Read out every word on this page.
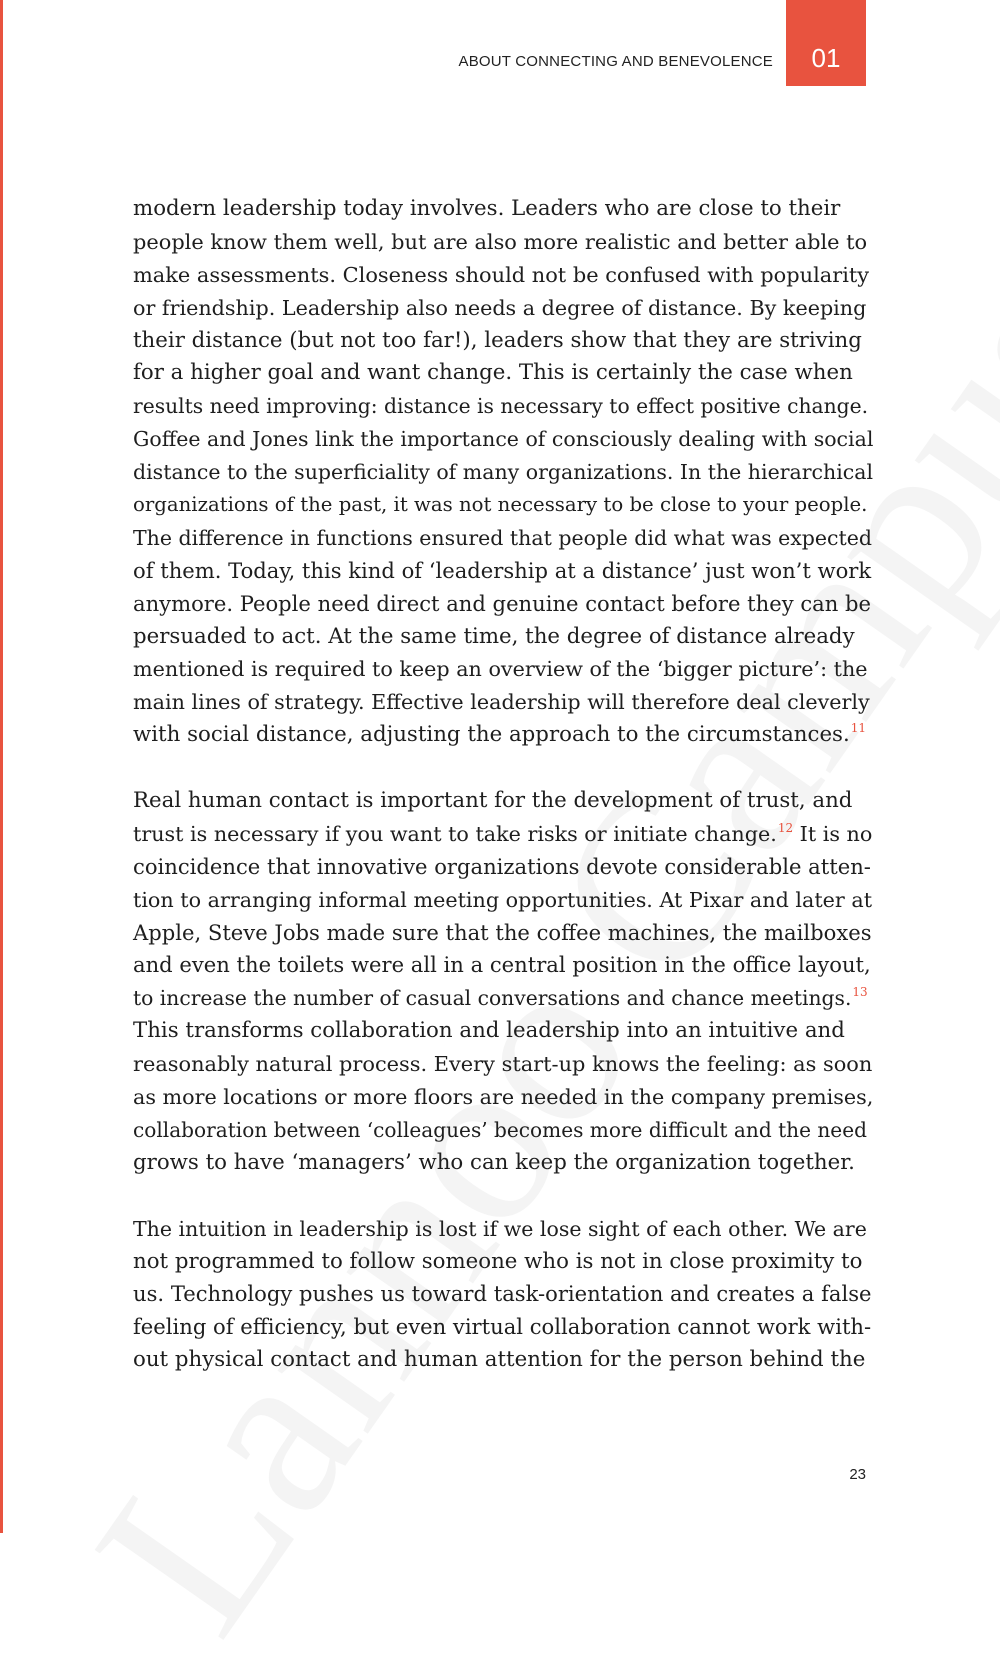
ABOUT CONNECTING AND BENEVOLENCE	01
modern leadership today involves. Leaders who are close to their
people know them well, but are also more realistic and better able to
make assessments. Closeness should not be confused with popularity
or friendship. Leadership also needs a degree of distance. By keeping
their distance (but not too far!), leaders show that they are striving
for a higher goal and want change. This is certainly the case when
results need improving: distance is necessary to effect positive change.
Goffee and Jones link the importance of consciously dealing with social
distance to the superficiality of many organizations. In the hierarchical
organizations of the past, it was not necessary to be close to your people.
The difference in functions ensured that people did what was expected
of them. Today, this kind of ‘leadership at a distance’ just won’t work
anymore. People need direct and genuine contact before they can be
persuaded to act. At the same time, the degree of distance already
mentioned is required to keep an overview of the ‘bigger picture’: the
main lines of strategy. Effective leadership will therefore deal cleverly
with social distance, adjusting the approach to the circumstances.$^{11}$
Real human contact is important for the development of trust, and
trust is necessary if you want to take risks or initiate change.$^{12}$ It is no
coincidence that innovative organizations devote considerable atten-
tion to arranging informal meeting opportunities. At Pixar and later at
Apple, Steve Jobs made sure that the coffee machines, the mailboxes
and even the toilets were all in a central position in the office layout,
to increase the number of casual conversations and chance meetings.$^{13}$
This transforms collaboration and leadership into an intuitive and
reasonably natural process. Every start-up knows the feeling: as soon
as more locations or more floors are needed in the company premises,
collaboration between ‘colleagues’ becomes more difficult and the need
grows to have ‘managers’ who can keep the organization together.
The intuition in leadership is lost if we lose sight of each other. We are
not programmed to follow someone who is not in close proximity to
us. Technology pushes us toward task-orientation and creates a false
feeling of efficiency, but even virtual collaboration cannot work with-
out physical contact and human attention for the person behind the
23
